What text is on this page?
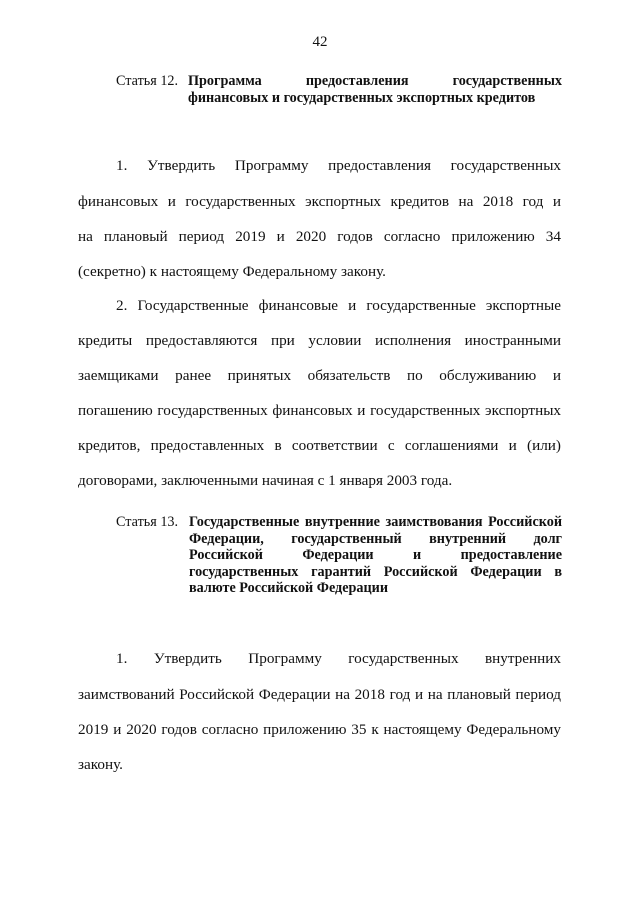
42
Статья 12. Программа предоставления государственных финансовых и государственных экспортных кредитов
1. Утвердить Программу предоставления государственных
финансовых и государственных экспортных кредитов на 2018 год и
на плановый период 2019 и 2020 годов согласно приложению 34
(секретно) к настоящему Федеральному закону.
2. Государственные финансовые и государственные экспортные
кредиты предоставляются при условии исполнения иностранными
заемщиками ранее принятых обязательств по обслуживанию и
погашению государственных финансовых и государственных экспортных
кредитов, предоставленных в соответствии с соглашениями и (или)
договорами, заключенными начиная с 1 января 2003 года.
Статья 13. Государственные внутренние заимствования Российской Федерации, государственный внутренний долг Российской Федерации и предоставление государственных гарантий Российской Федерации в валюте Российской Федерации
1. Утвердить Программу государственных внутренних
заимствований Российской Федерации на 2018 год и на плановый период
2019 и 2020 годов согласно приложению 35 к настоящему Федеральному
закону.
